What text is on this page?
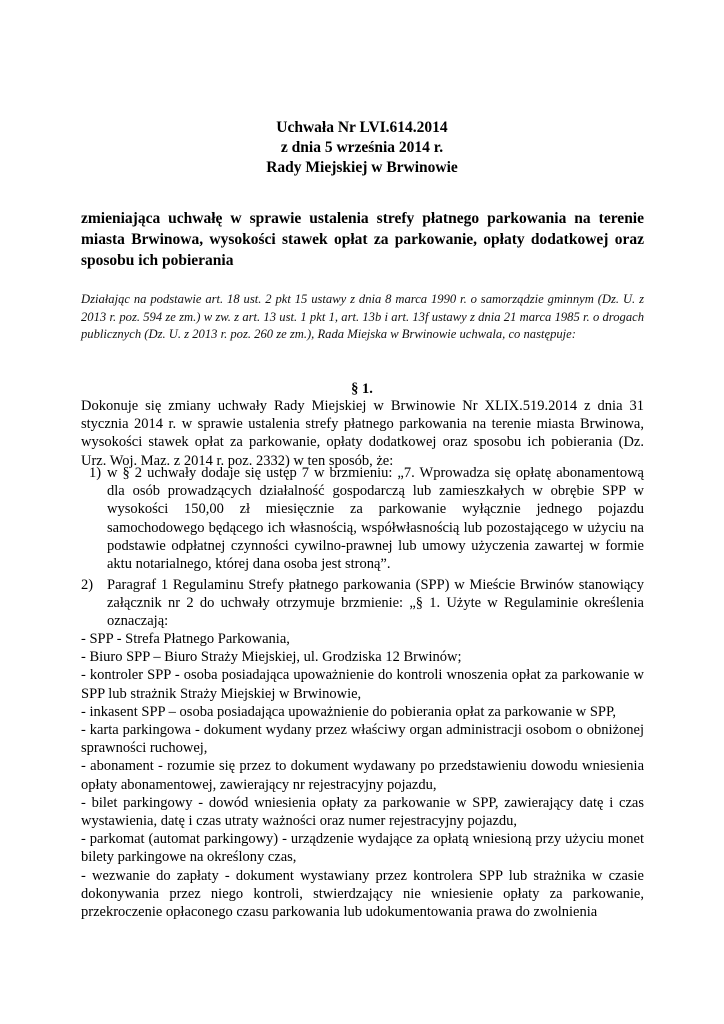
Uchwała Nr LVI.614.2014
z dnia 5 września 2014 r.
Rady Miejskiej w Brwinowie
zmieniająca uchwałę w sprawie ustalenia strefy płatnego parkowania na terenie miasta Brwinowa, wysokości stawek opłat za parkowanie, opłaty dodatkowej oraz sposobu ich pobierania
Działając na podstawie art. 18 ust. 2 pkt 15 ustawy z dnia 8 marca 1990 r. o samorządzie gminnym (Dz. U. z 2013 r. poz. 594 ze zm.) w zw. z art. 13 ust. 1 pkt 1, art. 13b i art. 13f ustawy z dnia 21 marca 1985 r. o drogach publicznych (Dz. U. z 2013 r. poz. 260 ze zm.), Rada Miejska w Brwinowie uchwala, co następuje:
§ 1.
Dokonuje się zmiany uchwały Rady Miejskiej w Brwinowie Nr XLIX.519.2014 z dnia 31 stycznia 2014 r. w sprawie ustalenia strefy płatnego parkowania na terenie miasta Brwinowa, wysokości stawek opłat za parkowanie, opłaty dodatkowej oraz sposobu ich pobierania (Dz. Urz. Woj. Maz. z 2014 r. poz. 2332) w ten sposób, że:
1) w § 2 uchwały dodaje się ustęp 7 w brzmieniu: „7. Wprowadza się opłatę abonamentową dla osób prowadzących działalność gospodarczą lub zamieszkałych w obrębie SPP w wysokości 150,00 zł miesięcznie za parkowanie wyłącznie jednego pojazdu samochodowego będącego ich własnością, współwłasnością lub pozostającego w użyciu na podstawie odpłatnej czynności cywilno-prawnej lub umowy użyczenia zawartej w formie aktu notarialnego, której dana osoba jest stroną”.
2) Paragraf 1 Regulaminu Strefy płatnego parkowania (SPP) w Mieście Brwinów stanowiący załącznik nr 2 do uchwały otrzymuje brzmienie: „§ 1. Użyte w Regulaminie określenia oznaczają:
- SPP - Strefa Płatnego Parkowania,
- Biuro SPP – Biuro Straży Miejskiej, ul. Grodziska 12 Brwinów;
- kontroler SPP - osoba posiadająca upoważnienie do kontroli wnoszenia opłat za parkowanie w SPP lub strażnik Straży Miejskiej w Brwinowie,
- inkasent SPP – osoba posiadająca upoważnienie do pobierania opłat za parkowanie w SPP,
- karta parkingowa - dokument wydany przez właściwy organ administracji osobom o obniżonej sprawności ruchowej,
- abonament - rozumie się przez to dokument wydawany po przedstawieniu dowodu wniesienia opłaty abonamentowej, zawierający nr rejestracyjny pojazdu,
- bilet parkingowy - dowód wniesienia opłaty za parkowanie w SPP, zawierający datę i czas wystawienia, datę i czas utraty ważności oraz numer rejestracyjny pojazdu,
- parkomat (automat parkingowy) - urządzenie wydające za opłatą wniesioną przy użyciu monet bilety parkingowe na określony czas,
- wezwanie do zapłaty - dokument wystawiany przez kontrolera SPP lub strażnika w czasie dokonywania przez niego kontroli, stwierdzający nie wniesienie opłaty za parkowanie, przekroczenie opłaconego czasu parkowania lub udokumentowania prawa do zwolnienia
